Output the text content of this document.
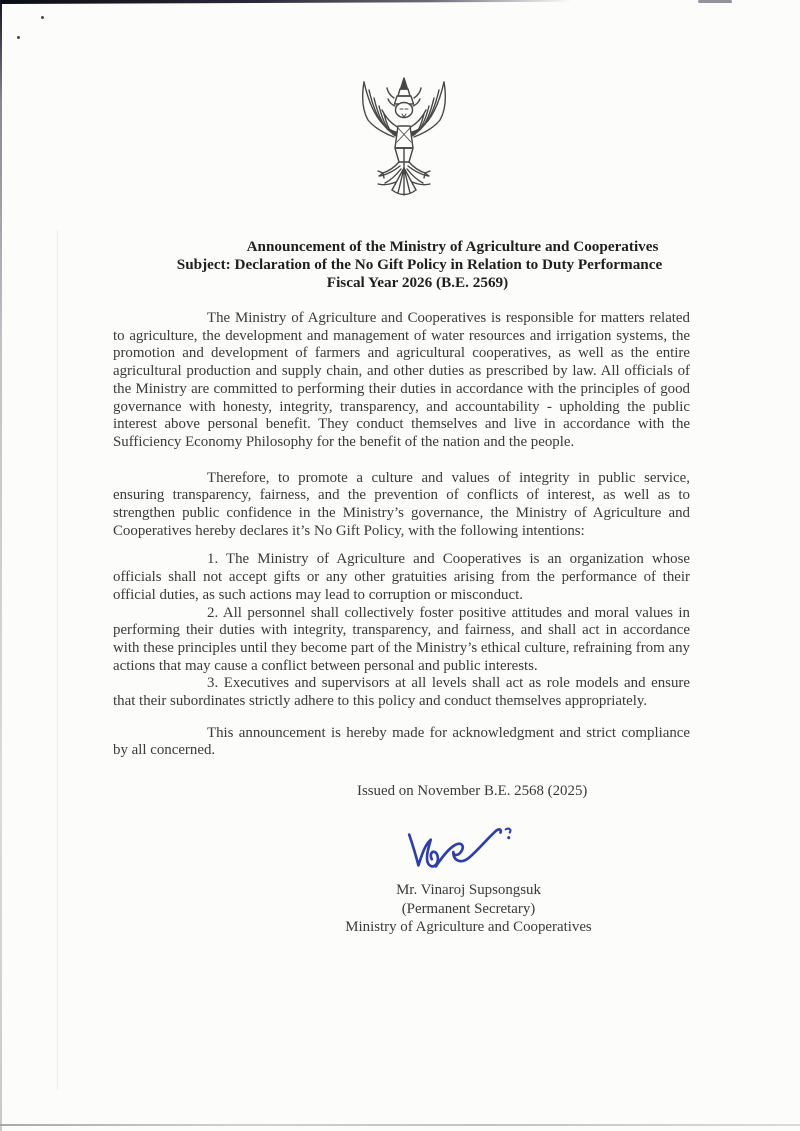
Announcement of the Ministry of Agriculture and Cooperatives
Subject: Declaration of the No Gift Policy in Relation to Duty Performance
Fiscal Year 2026 (B.E. 2569)

The Ministry of Agriculture and Cooperatives is responsible for matters related to agriculture, the development and management of water resources and irrigation systems, the promotion and development of farmers and agricultural cooperatives, as well as the entire agricultural production and supply chain, and other duties as prescribed by law. All officials of the Ministry are committed to performing their duties in accordance with the principles of good governance with honesty, integrity, transparency, and accountability - upholding the public interest above personal benefit. They conduct themselves and live in accordance with the Sufficiency Economy Philosophy for the benefit of the nation and the people.

Therefore, to promote a culture and values of integrity in public service, ensuring transparency, fairness, and the prevention of conflicts of interest, as well as to strengthen public confidence in the Ministry’s governance, the Ministry of Agriculture and Cooperatives hereby declares it’s No Gift Policy, with the following intentions:

1. The Ministry of Agriculture and Cooperatives is an organization whose officials shall not accept gifts or any other gratuities arising from the performance of their official duties, as such actions may lead to corruption or misconduct.

2. All personnel shall collectively foster positive attitudes and moral values in performing their duties with integrity, transparency, and fairness, and shall act in accordance with these principles until they become part of the Ministry’s ethical culture, refraining from any actions that may cause a conflict between personal and public interests.

3. Executives and supervisors at all levels shall act as role models and ensure that their subordinates strictly adhere to this policy and conduct themselves appropriately.

This announcement is hereby made for acknowledgment and strict compliance by all concerned.

Issued on November B.E. 2568 (2025)

Mr. Vinaroj Supsongsuk
(Permanent Secretary)
Ministry of Agriculture and Cooperatives
